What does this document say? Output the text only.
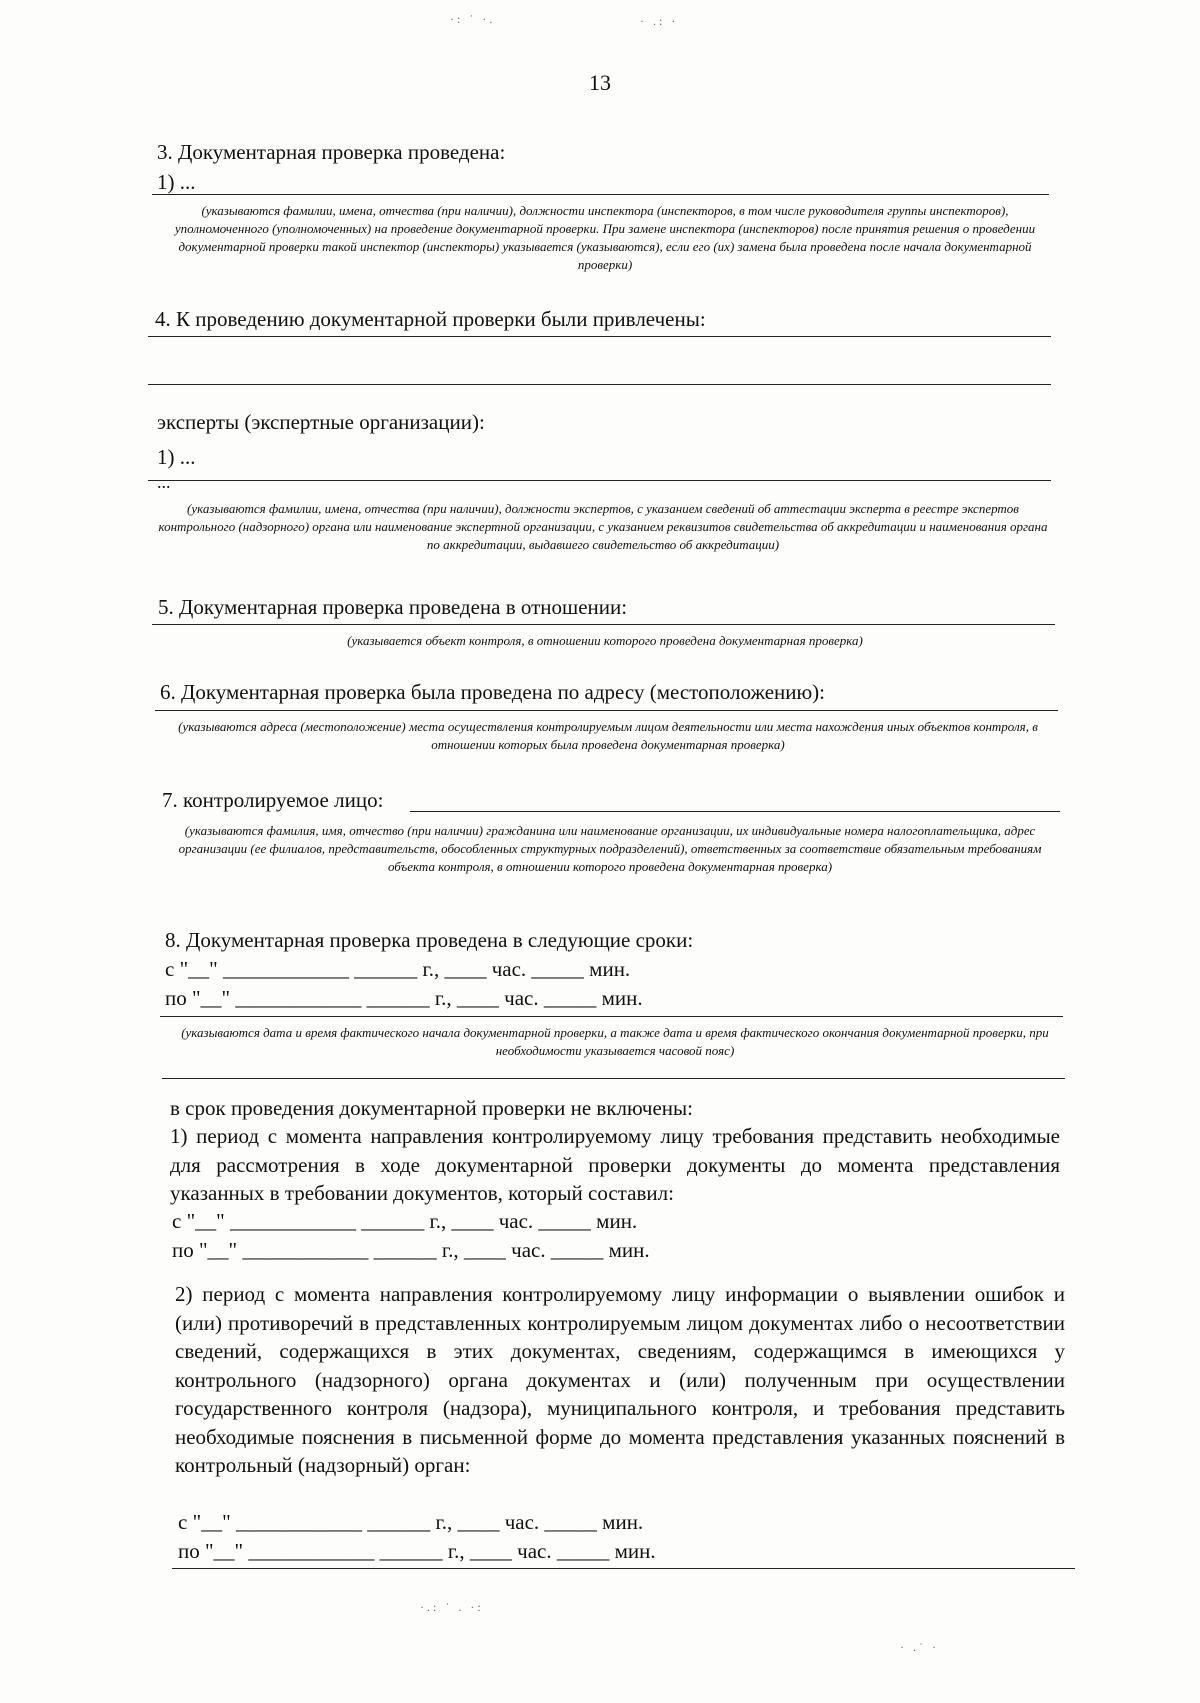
·: ˙ ·.	· .: ·
13
3. Документарная проверка проведена:
1) ...
(указываются фамилии, имена, отчества (при наличии), должности инспектора (инспекторов, в том числе руководителя группы инспекторов), уполномоченного (уполномоченных) на проведение документарной проверки. При замене инспектора (инспекторов) после принятия решения о проведении документарной проверки такой инспектор (инспекторы) указывается (указываются), если его (их) замена была проведена после начала документарной проверки)
4. К проведению документарной проверки были привлечены:
эксперты (экспертные организации):
1) ...
...
(указываются фамилии, имена, отчества (при наличии), должности экспертов, с указанием сведений об аттестации эксперта в реестре экспертов контрольного (надзорного) органа или наименование экспертной организации, с указанием реквизитов свидетельства об аккредитации и наименования органа по аккредитации, выдавшего свидетельство об аккредитации)
5. Документарная проверка проведена в отношении:
(указывается объект контроля, в отношении которого проведена документарная проверка)
6. Документарная проверка была проведена по адресу (местоположению):
(указываются адреса (местоположение) места осуществления контролируемым лицом деятельности или места нахождения иных объектов контроля, в отношении которых была проведена документарная проверка)
7. контролируемое лицо:
(указываются фамилия, имя, отчество (при наличии) гражданина или наименование организации, их индивидуальные номера налогоплательщика, адрес организации (ее филиалов, представительств, обособленных структурных подразделений), ответственных за соответствие обязательным требованиям объекта контроля, в отношении которого проведена документарная проверка)
8. Документарная проверка проведена в следующие сроки:
с "__" ____________ ______ г., ____ час. _____ мин.
по "__" ____________ ______ г., ____ час. _____ мин.
(указываются дата и время фактического начала документарной проверки, а также дата и время фактического окончания документарной проверки, при необходимости указывается часовой пояс)
в срок проведения документарной проверки не включены:
1) период с момента направления контролируемому лицу требования представить необходимые для рассмотрения в ходе документарной проверки документы до момента представления указанных в требовании документов, который составил:
с "__" ____________ ______ г., ____ час. _____ мин.
по "__" ____________ ______ г., ____ час. _____ мин.
2) период с момента направления контролируемому лицу информации о выявлении ошибок и (или) противоречий в представленных контролируемым лицом документах либо о несоответствии сведений, содержащихся в этих документах, сведениям, содержащимся в имеющихся у контрольного (надзорного) органа документах и (или) полученным при осуществлении государственного контроля (надзора), муниципального контроля, и требования представить необходимые пояснения в письменной форме до момента представления указанных пояснений в контрольный (надзорный) орган:
с "__" ____________ ______ г., ____ час. _____ мин.
по "__" ____________ ______ г., ____ час. _____ мин.
·.: ˙ . ·:
· .˙ ·
